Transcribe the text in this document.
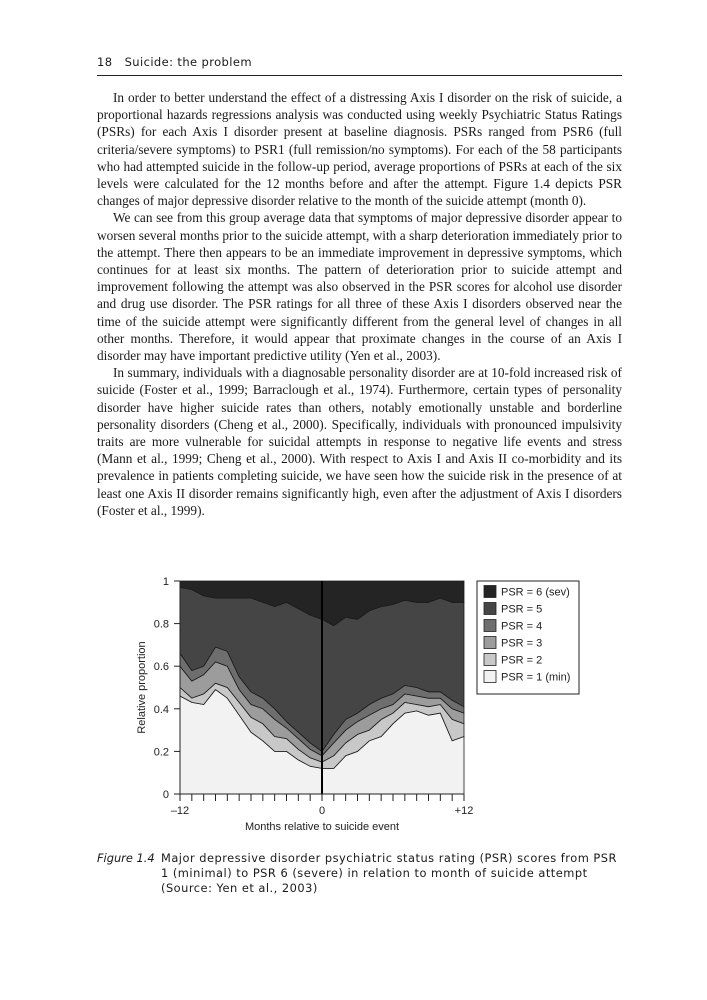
18 Suicide: the problem

In order to better understand the effect of a distressing Axis I disorder on the risk of suicide, a proportional hazards regressions analysis was conducted using weekly Psychiatric Status Ratings (PSRs) for each Axis I disorder present at baseline diagnosis. PSRs ranged from PSR6 (full criteria/severe symptoms) to PSR1 (full remission/no symptoms). For each of the 58 participants who had attempted suicide in the follow-up period, average proportions of PSRs at each of the six levels were calculated for the 12 months before and after the attempt. Figure 1.4 depicts PSR changes of major depressive disorder relative to the month of the suicide attempt (month 0).

We can see from this group average data that symptoms of major depressive disorder appear to worsen several months prior to the suicide attempt, with a sharp deterioration immediately prior to the attempt. There then appears to be an immediate improvement in depressive symptoms, which continues for at least six months. The pattern of deterioration prior to suicide attempt and improvement following the attempt was also observed in the PSR scores for alcohol use disorder and drug use disorder. The PSR ratings for all three of these Axis I disorders observed near the time of the suicide attempt were significantly different from the general level of changes in all other months. Therefore, it would appear that proximate changes in the course of an Axis I disorder may have important predictive utility (Yen et al., 2003).

In summary, individuals with a diagnosable personality disorder are at 10-fold increased risk of suicide (Foster et al., 1999; Barraclough et al., 1974). Furthermore, certain types of personality disorder have higher suicide rates than others, notably emotionally unstable and borderline personality disorders (Cheng et al., 2000). Specifically, individuals with pronounced impulsivity traits are more vulnerable for suicidal attempts in response to negative life events and stress (Mann et al., 1999; Cheng et al., 2000). With respect to Axis I and Axis II co-morbidity and its prevalence in patients completing suicide, we have seen how the suicide risk in the presence of at least one Axis II disorder remains significantly high, even after the adjustment of Axis I disorders (Foster et al., 1999).

0
0.2
0.4
0.6
0.8
1
–12	0	+12
Months relative to suicide event
Relative proportion
PSR = 6 (sev)
PSR = 5
PSR = 4
PSR = 3
PSR = 2
PSR = 1 (min)
Figure 1.4 Major depressive disorder psychiatric status rating (PSR) scores from PSR 1 (minimal) to PSR 6 (severe) in relation to month of suicide attempt (Source: Yen et al., 2003)
